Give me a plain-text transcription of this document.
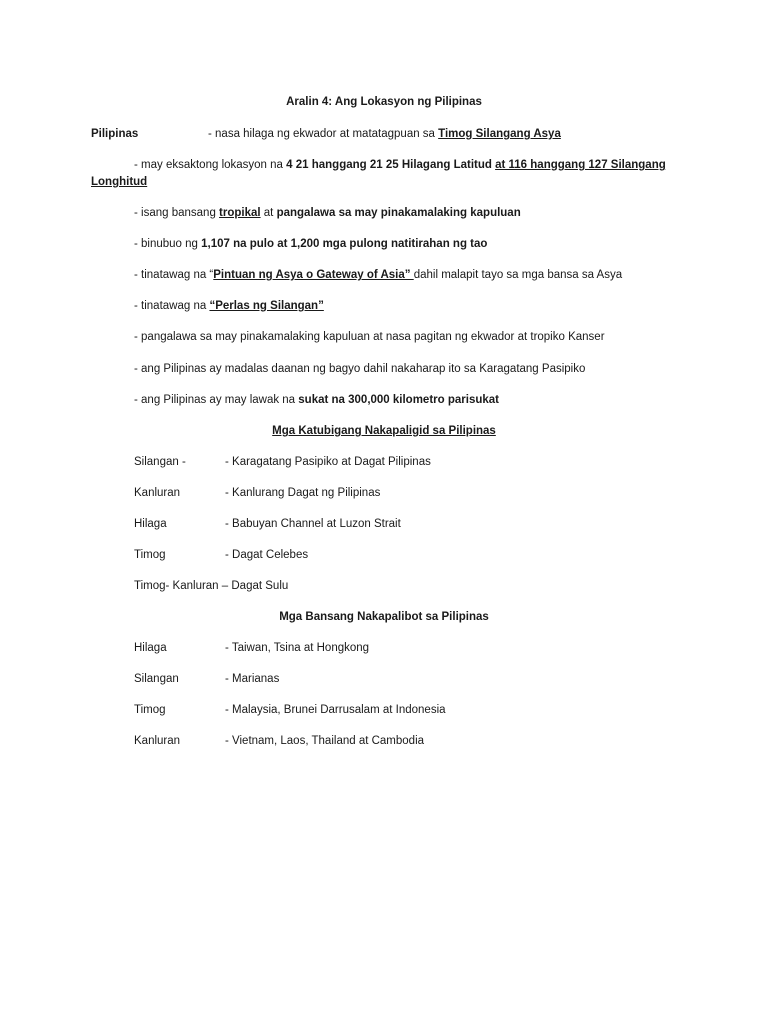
Aralin 4: Ang Lokasyon ng Pilipinas
Pilipinas	- nasa hilaga ng ekwador at matatagpuan sa Timog Silangang Asya
- may eksaktong lokasyon na 4 21 hanggang 21 25 Hilagang Latitud at 116 hanggang 127 Silangang
Longhitud
- isang bansang tropikal at pangalawa sa may pinakamalaking kapuluan
- binubuo ng 1,107 na pulo at 1,200 mga pulong natitirahan ng tao
- tinatawag na “Pintuan ng Asya o Gateway of Asia” dahil malapit tayo sa mga bansa sa Asya
- tinatawag na “Perlas ng Silangan”
- pangalawa sa may pinakamalaking kapuluan at nasa pagitan ng ekwador at tropiko Kanser
- ang Pilipinas ay madalas daanan ng bagyo dahil nakaharap ito sa Karagatang Pasipiko
- ang Pilipinas ay may lawak na sukat na 300,000 kilometro parisukat
Mga Katubigang Nakapaligid sa Pilipinas
Silangan -	- Karagatang Pasipiko at Dagat Pilipinas
Kanluran	- Kanlurang Dagat ng Pilipinas
Hilaga	- Babuyan Channel at Luzon Strait
Timog	- Dagat Celebes
Timog- Kanluran – Dagat Sulu
Mga Bansang Nakapalibot sa Pilipinas
Hilaga	- Taiwan, Tsina at Hongkong
Silangan	- Marianas
Timog	- Malaysia, Brunei Darrusalam at Indonesia
Kanluran	- Vietnam, Laos, Thailand at Cambodia
